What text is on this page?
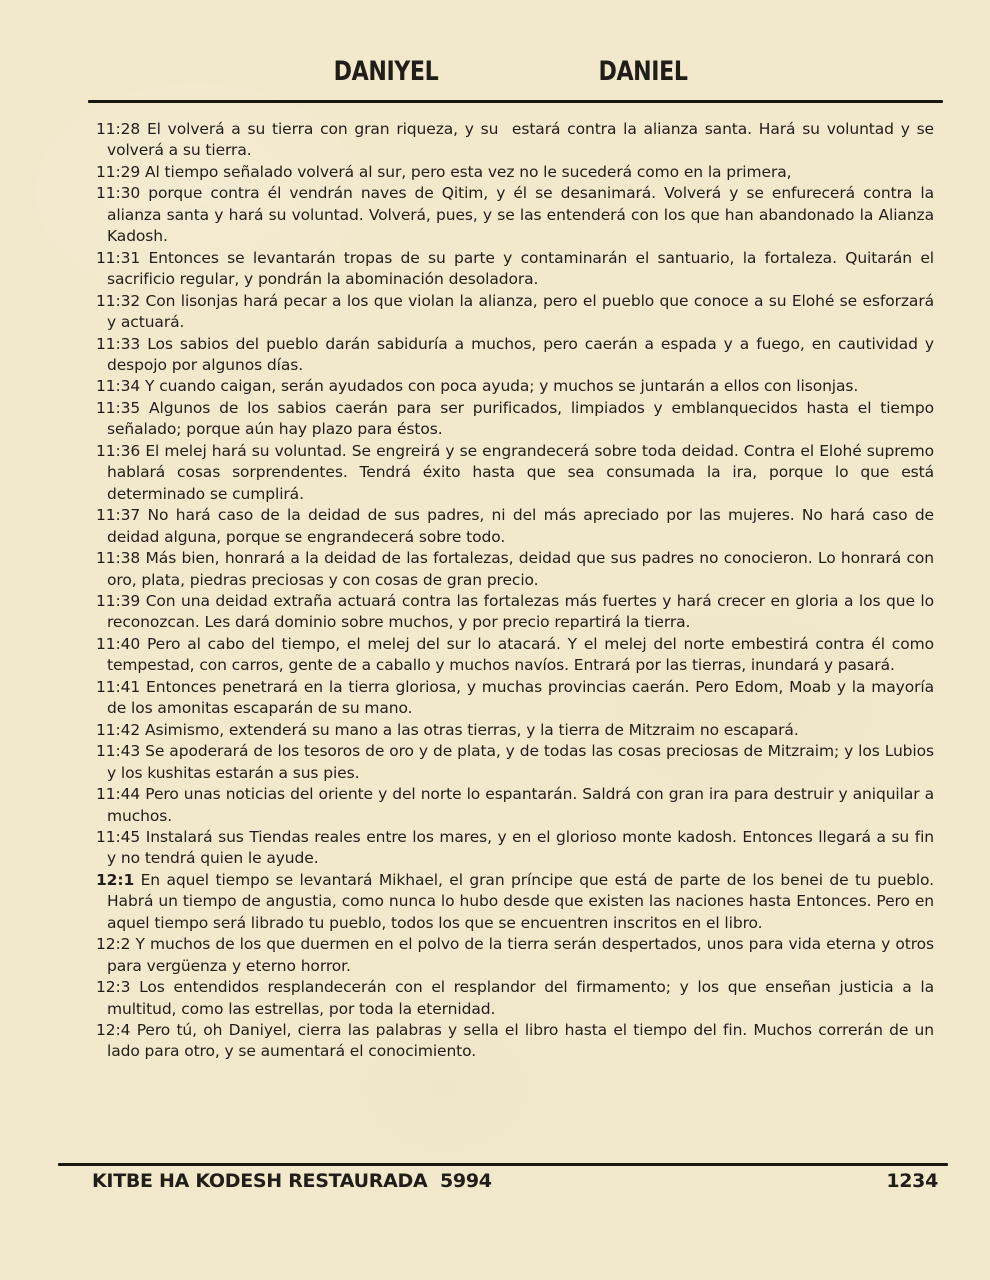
DANIYEL	DANIEL

11:28 El volverá a su tierra con gran riqueza, y su  estará contra la alianza santa. Hará su voluntad y se volverá a su tierra.

11:29 Al tiempo señalado volverá al sur, pero esta vez no le sucederá como en la primera,

11:30 porque contra él vendrán naves de Qitim, y él se desanimará. Volverá y se enfurecerá contra la alianza santa y hará su voluntad. Volverá, pues, y se las entenderá con los que han abandonado la Alianza Kadosh.

11:31 Entonces se levantarán tropas de su parte y contaminarán el santuario, la fortaleza. Quitarán el sacrificio regular, y pondrán la abominación desoladora.

11:32 Con lisonjas hará pecar a los que violan la alianza, pero el pueblo que conoce a su Elohé se esforzará y actuará.

11:33 Los sabios del pueblo darán sabiduría a muchos, pero caerán a espada y a fuego, en cautividad y despojo por algunos días.

11:34 Y cuando caigan, serán ayudados con poca ayuda; y muchos se juntarán a ellos con lisonjas.

11:35 Algunos de los sabios caerán para ser purificados, limpiados y emblanquecidos hasta el tiempo señalado; porque aún hay plazo para éstos.

11:36 El melej hará su voluntad. Se engreirá y se engrandecerá sobre toda deidad. Contra el Elohé supremo hablará cosas sorprendentes. Tendrá éxito hasta que sea consumada la ira, porque lo que está determinado se cumplirá.

11:37 No hará caso de la deidad de sus padres, ni del más apreciado por las mujeres. No hará caso de deidad alguna, porque se engrandecerá sobre todo.

11:38 Más bien, honrará a la deidad de las fortalezas, deidad que sus padres no conocieron. Lo honrará con oro, plata, piedras preciosas y con cosas de gran precio.

11:39 Con una deidad extraña actuará contra las fortalezas más fuertes y hará crecer en gloria a los que lo reconozcan. Les dará dominio sobre muchos, y por precio repartirá la tierra.

11:40 Pero al cabo del tiempo, el melej del sur lo atacará. Y el melej del norte embestirá contra él como tempestad, con carros, gente de a caballo y muchos navíos. Entrará por las tierras, inundará y pasará.

11:41 Entonces penetrará en la tierra gloriosa, y muchas provincias caerán. Pero Edom, Moab y la mayoría de los amonitas escaparán de su mano.

11:42 Asimismo, extenderá su mano a las otras tierras, y la tierra de Mitzraim no escapará.

11:43 Se apoderará de los tesoros de oro y de plata, y de todas las cosas preciosas de Mitzraim; y los Lubios y los kushitas estarán a sus pies.

11:44 Pero unas noticias del oriente y del norte lo espantarán. Saldrá con gran ira para destruir y aniquilar a muchos.

11:45 Instalará sus Tiendas reales entre los mares, y en el glorioso monte kadosh. Entonces llegará a su fin y no tendrá quien le ayude.

12:1 En aquel tiempo se levantará Mikhael, el gran príncipe que está de parte de los benei de tu pueblo. Habrá un tiempo de angustia, como nunca lo hubo desde que existen las naciones hasta Entonces. Pero en aquel tiempo será librado tu pueblo, todos los que se encuentren inscritos en el libro.

12:2 Y muchos de los que duermen en el polvo de la tierra serán despertados, unos para vida eterna y otros para vergüenza y eterno horror.

12:3 Los entendidos resplandecerán con el resplandor del firmamento; y los que enseñan justicia a la multitud, como las estrellas, por toda la eternidad.

12:4 Pero tú, oh Daniyel, cierra las palabras y sella el libro hasta el tiempo del fin. Muchos correrán de un lado para otro, y se aumentará el conocimiento.

KITBE HA KODESH RESTAURADA  5994	1234
